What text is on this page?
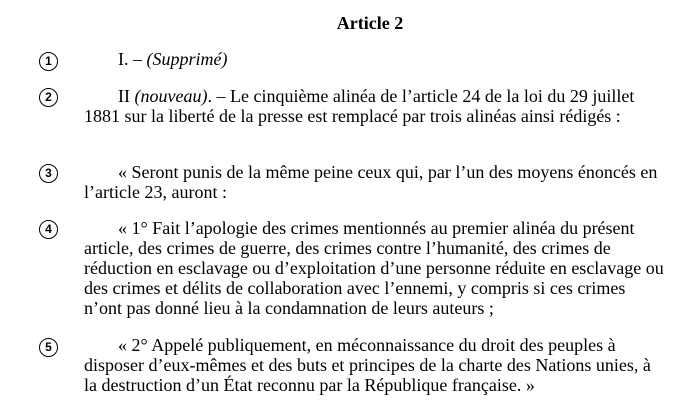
Article 2
1	I. – (Supprimé)
2	II (nouveau). – Le cinquième alinéa de l’article 24 de la loi du 29 juillet 1881 sur la liberté de la presse est remplacé par trois alinéas ainsi rédigés :
3	« Seront punis de la même peine ceux qui, par l’un des moyens énoncés en l’article 23, auront :
4	« 1° Fait l’apologie des crimes mentionnés au premier alinéa du présent article, des crimes de guerre, des crimes contre l’humanité, des crimes de réduction en esclavage ou d’exploitation d’une personne réduite en esclavage ou des crimes et délits de collaboration avec l’ennemi, y compris si ces crimes n’ont pas donné lieu à la condamnation de leurs auteurs ;
5	« 2° Appelé publiquement, en méconnaissance du droit des peuples à disposer d’eux-mêmes et des buts et principes de la charte des Nations unies, à la destruction d’un État reconnu par la République française. »
